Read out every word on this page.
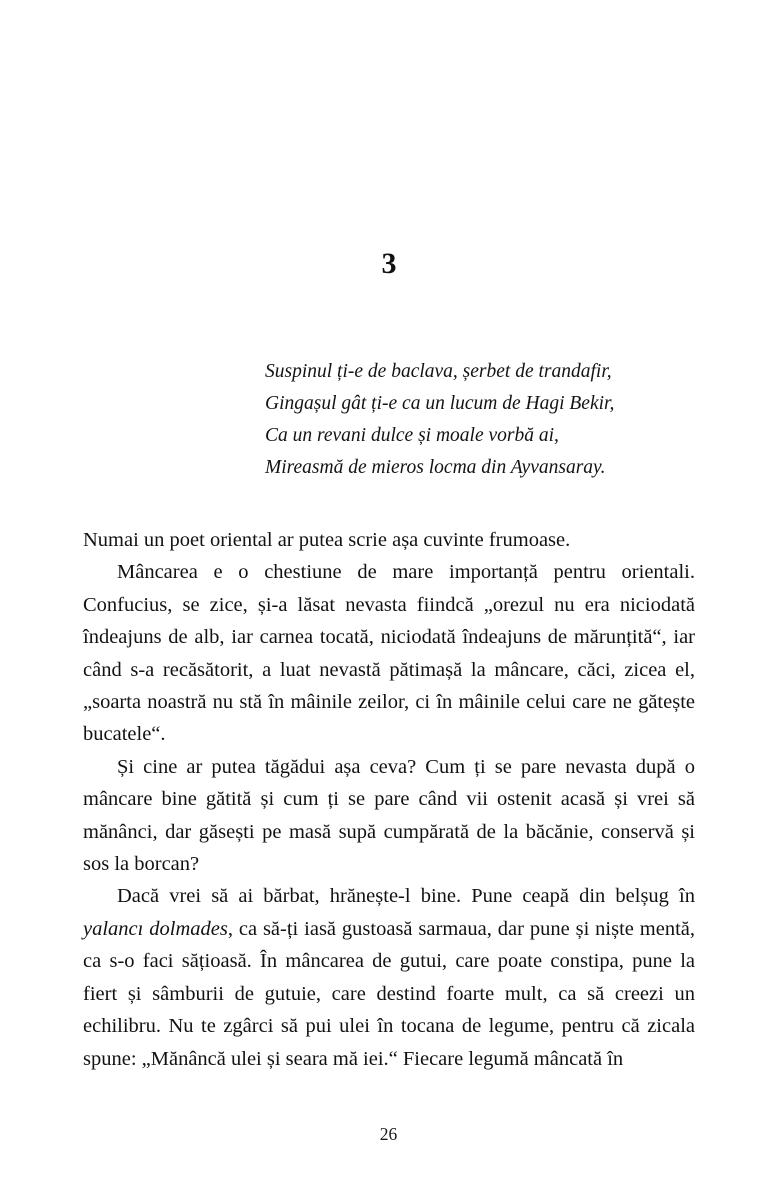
3
Suspinul ți-e de baclava, șerbet de trandafir,
Gingașul gât ți-e ca un lucum de Hagi Bekir,
Ca un revani dulce și moale vorbă ai,
Mireasmă de mieros locma din Ayvansaray.

Numai un poet oriental ar putea scrie așa cuvinte frumoase.

Mâncarea e o chestiune de mare importanță pentru orientali. Confucius, se zice, și-a lăsat nevasta fiindcă „orezul nu era niciodată îndeajuns de alb, iar carnea tocată, niciodată îndeajuns de mărunțită“, iar când s-a recăsătorit, a luat nevastă pătimașă la mâncare, căci, zicea el, „soarta noastră nu stă în mâinile zeilor, ci în mâinile celui care ne gătește bucatele“.

Și cine ar putea tăgădui așa ceva? Cum ți se pare nevasta după o mâncare bine gătită și cum ți se pare când vii ostenit acasă și vrei să mănânci, dar găsești pe masă supă cumpărată de la băcănie, conservă și sos la borcan?

Dacă vrei să ai bărbat, hrănește-l bine. Pune ceapă din belșug în yalancı dolmades, ca să-ți iasă gustoasă sarmaua, dar pune și niște mentă, ca s-o faci sățioasă. În mâncarea de gutui, care poate constipa, pune la fiert și sâmburii de gutuie, care destind foarte mult, ca să creezi un echilibru. Nu te zgârci să pui ulei în tocana de legume, pentru că zicala spune: „Mănâncă ulei și seara mă iei.“ Fiecare legumă mâncată în

26
